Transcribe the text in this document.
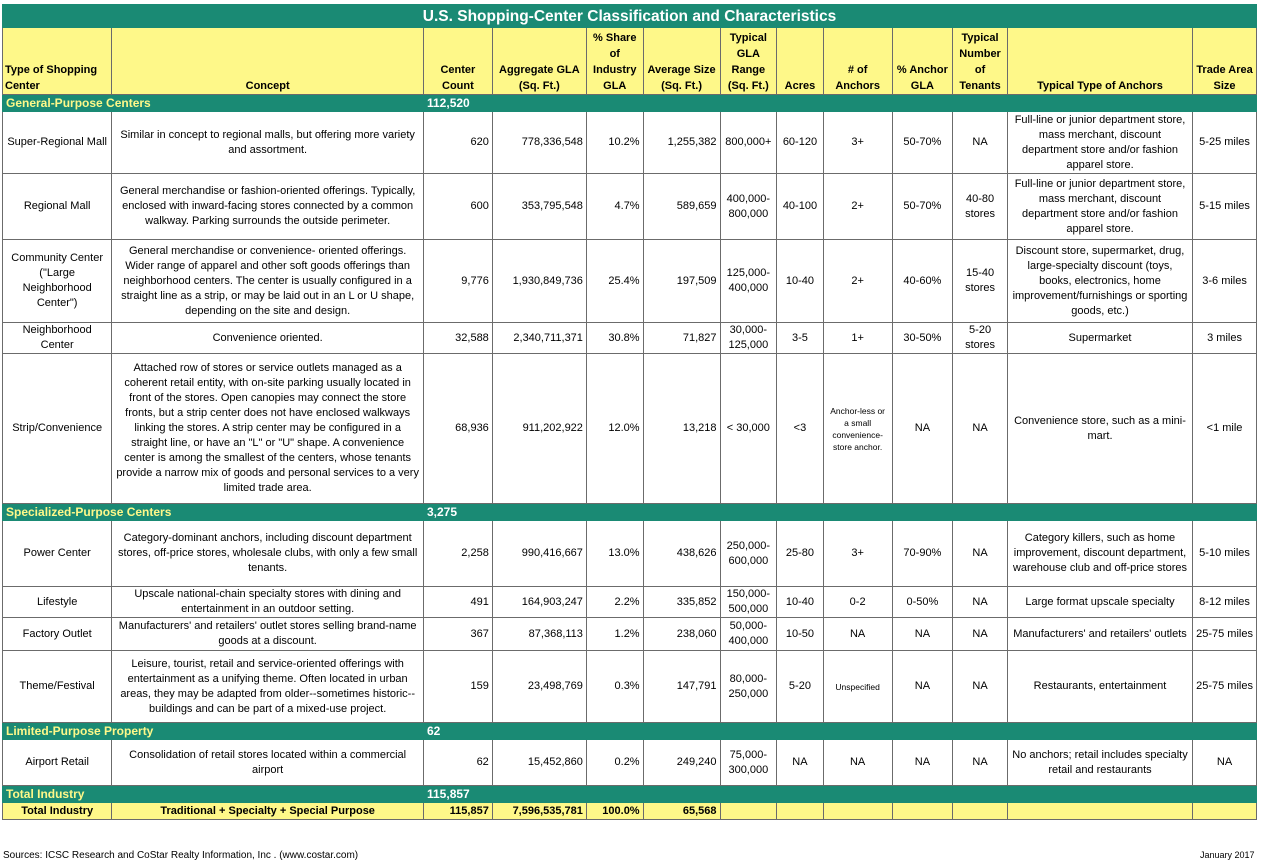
U.S. Shopping-Center Classification and Characteristics												
Type of Shopping Center	Concept	Center Count	Aggregate GLA (Sq. Ft.)	% Share of Industry GLA	Average Size (Sq. Ft.)	Typical GLA Range (Sq. Ft.)	Acres	# of Anchors	% Anchor GLA	Typical Number of Tenants	Typical Type of Anchors	Trade Area Size
General-Purpose Centers		112,520										
Super-Regional Mall	Similar in concept to regional malls, but offering more variety and assortment.	620	778,336,548	10.2%	1,255,382	800,000+	60-120	3+	50-70%	NA	Full-line or junior department store, mass merchant, discount department store and/or fashion apparel store.	5-25 miles
Regional Mall	General merchandise or fashion-oriented offerings. Typically, enclosed with inward-facing stores connected by a common walkway. Parking surrounds the outside perimeter.	600	353,795,548	4.7%	589,659	400,000-800,000	40-100	2+	50-70%	40-80 stores	Full-line or junior department store, mass merchant, discount department store and/or fashion apparel store.	5-15 miles
Community Center ("Large Neighborhood Center")	General merchandise or convenience- oriented offerings. Wider range of apparel and other soft goods offerings than neighborhood centers. The center is usually configured in a straight line as a strip, or may be laid out in an L or U shape, depending on the site and design.	9,776	1,930,849,736	25.4%	197,509	125,000-400,000	10-40	2+	40-60%	15-40 stores	Discount store, supermarket, drug, large-specialty discount (toys, books, electronics, home improvement/furnishings or sporting goods, etc.)	3-6 miles
Neighborhood Center	Convenience oriented.	32,588	2,340,711,371	30.8%	71,827	30,000-125,000	3-5	1+	30-50%	5-20 stores	Supermarket	3 miles
Strip/Convenience	Attached row of stores or service outlets managed as a coherent retail entity, with on-site parking usually located in front of the stores. Open canopies may connect the store fronts, but a strip center does not have enclosed walkways linking the stores. A strip center may be configured in a straight line, or have an "L" or "U" shape. A convenience center is among the smallest of the centers, whose tenants provide a narrow mix of goods and personal services to a very limited trade area.	68,936	911,202,922	12.0%	13,218	< 30,000	<3	Anchor-less or a small convenience-store anchor.	NA	NA	Convenience store, such as a mini-mart.	<1 mile
Specialized-Purpose Centers		3,275										
Power Center	Category-dominant anchors, including discount department stores, off-price stores, wholesale clubs, with only a few small tenants.	2,258	990,416,667	13.0%	438,626	250,000-600,000	25-80	3+	70-90%	NA	Category killers, such as home improvement, discount department, warehouse club and off-price stores	5-10 miles
Lifestyle	Upscale national-chain specialty stores with dining and entertainment in an outdoor setting.	491	164,903,247	2.2%	335,852	150,000-500,000	10-40	0-2	0-50%	NA	Large format upscale specialty	8-12 miles
Factory Outlet	Manufacturers' and retailers' outlet stores selling brand-name goods at a discount.	367	87,368,113	1.2%	238,060	50,000-400,000	10-50	NA	NA	NA	Manufacturers' and retailers' outlets	25-75 miles
Theme/Festival	Leisure, tourist, retail and service-oriented offerings with entertainment as a unifying theme. Often located in urban areas, they may be adapted from older--sometimes historic--buildings and can be part of a mixed-use project.	159	23,498,769	0.3%	147,791	80,000-250,000	5-20	Unspecified	NA	NA	Restaurants, entertainment	25-75 miles
Limited-Purpose Property		62										
Airport Retail	Consolidation of retail stores located within a commercial airport	62	15,452,860	0.2%	249,240	75,000-300,000	NA	NA	NA	NA	No anchors; retail includes specialty retail and restaurants	NA
Total Industry		115,857										
Total Industry	Traditional + Specialty + Special Purpose	115,857	7,596,535,781	100.0%	65,568							
Sources: ICSC Research and CoStar Realty Information, Inc . (www.costar.com)	January 2017
